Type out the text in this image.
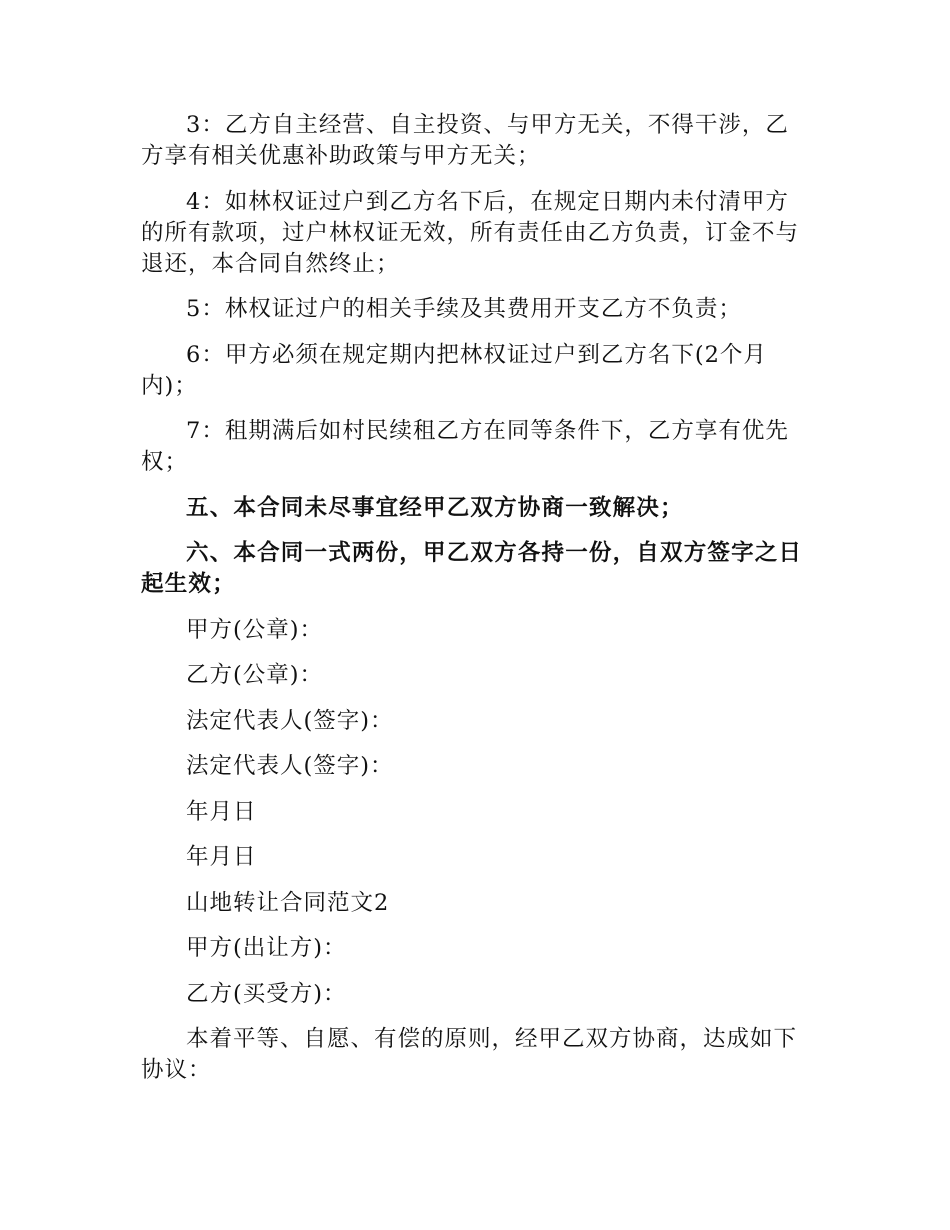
3：乙方自主经营、自主投资、与甲方无关，不得干涉，乙方享有相关优惠补助政策与甲方无关；

4：如林权证过户到乙方名下后，在规定日期内未付清甲方的所有款项，过户林权证无效，所有责任由乙方负责，订金不与退还，本合同自然终止；

5：林权证过户的相关手续及其费用开支乙方不负责；

6：甲方必须在规定期内把林权证过户到乙方名下(2个月内)；

7：租期满后如村民续租乙方在同等条件下，乙方享有优先权；

五、本合同未尽事宜经甲乙双方协商一致解决；

六、本合同一式两份，甲乙双方各持一份，自双方签字之日起生效；

甲方(公章)：

乙方(公章)：

法定代表人(签字)：

法定代表人(签字)：

年月日

年月日

山地转让合同范文2

甲方(出让方)：

乙方(买受方)：

本着平等、自愿、有偿的原则，经甲乙双方协商，达成如下协议：
